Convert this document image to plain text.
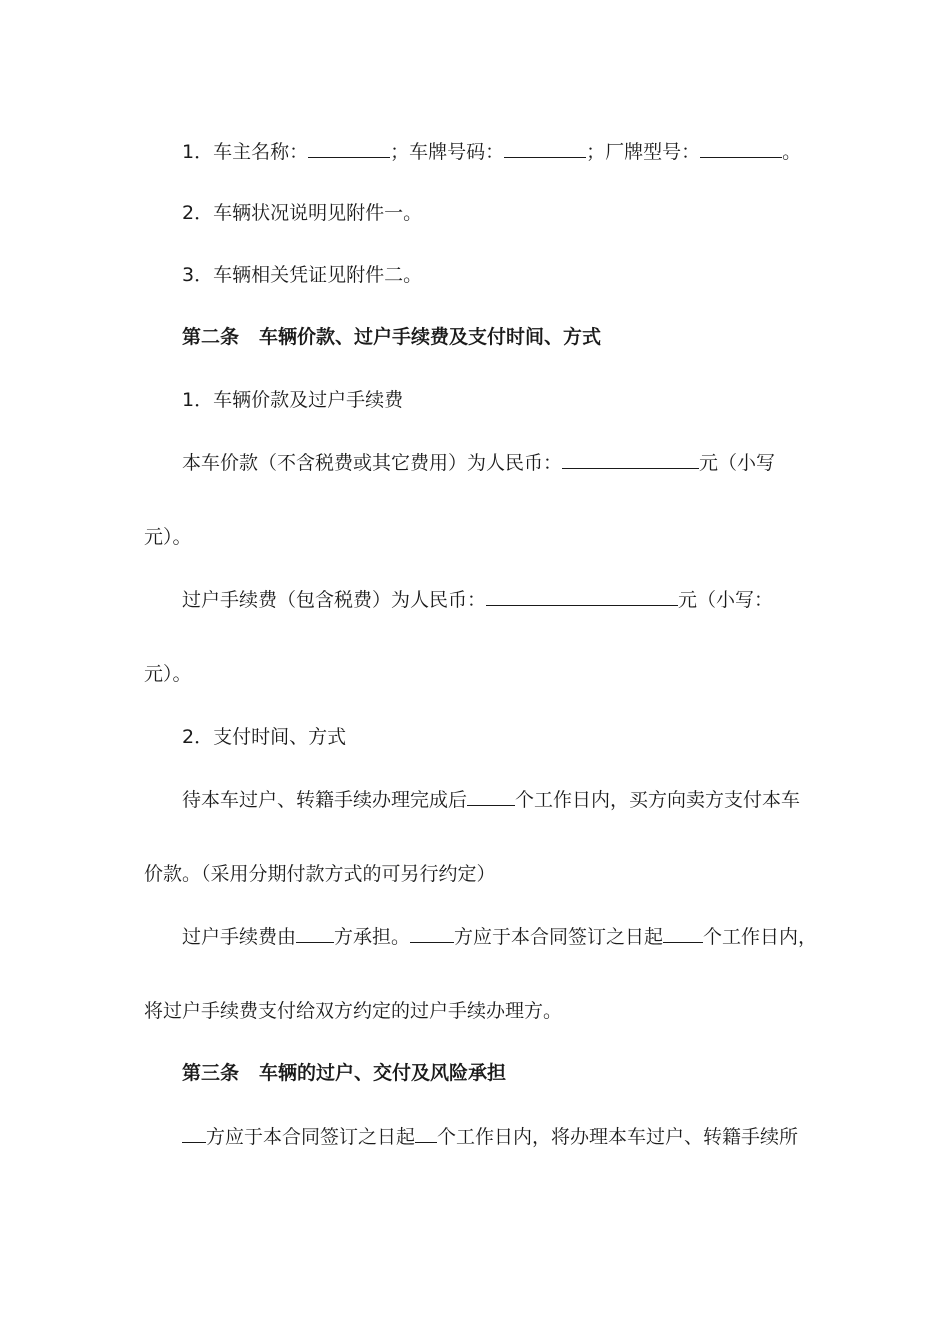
1．车主名称：	；车牌号码：	；厂牌型号：	。
2．车辆状况说明见附件一。
3．车辆相关凭证见附件二。
第二条 车辆价款、过户手续费及支付时间、方式
1．车辆价款及过户手续费
本车价款（不含税费或其它费用）为人民币：	元（小写
元）。
过户手续费（包含税费）为人民币：	元（小写：
元）。
2．支付时间、方式
待本车过户、转籍手续办理完成后	个工作日内，买方向卖方支付本车
价款。（采用分期付款方式的可另行约定）
过户手续费由 方承担。 方应于本合同签订之日起 个工作日内，
将过户手续费支付给双方约定的过户手续办理方。
第三条 车辆的过户、交付及风险承担
方应于本合同签订之日起 个工作日内，将办理本车过户、转籍手续所
